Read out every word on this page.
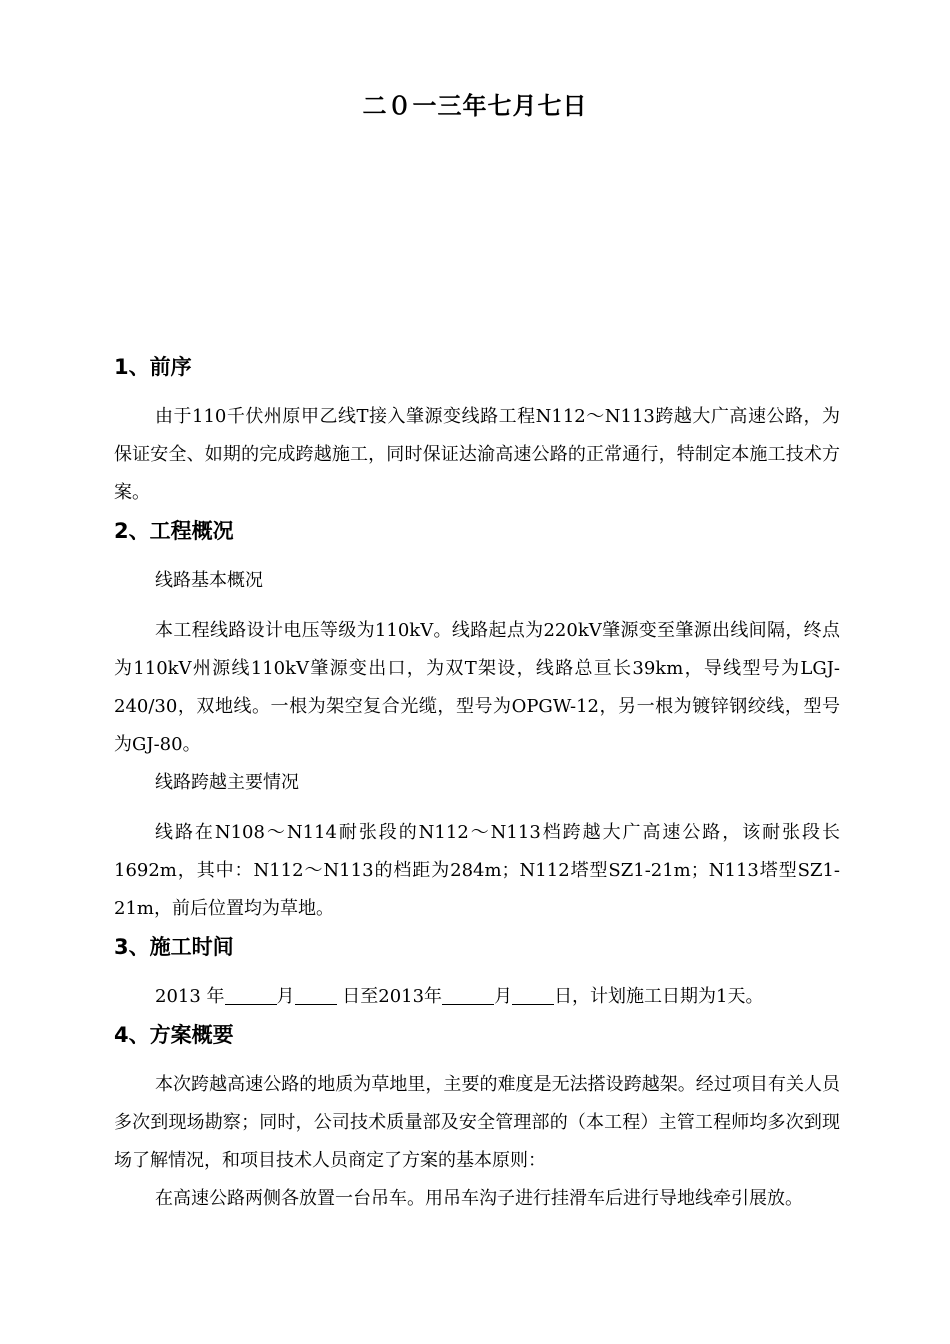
二０一三年七月七日
1、前序

由于110千伏州原甲乙线T接入肇源变线路工程N112～N113跨越大广高速公路，为保证安全、如期的完成跨越施工，同时保证达渝高速公路的正常通行，特制定本施工技术方案。

2、工程概况

线路基本概况

本工程线路设计电压等级为110kV。线路起点为220kV肇源变至肇源出线间隔，终点为110kV州源线110kV肇源变出口，为双T架设，线路总亘长39km，导线型号为LGJ-240/30，双地线。一根为架空复合光缆，型号为OPGW-12，另一根为镀锌钢绞线，型号为GJ-80。

线路跨越主要情况

线路在N108～N114耐张段的N112～N113档跨越大广高速公路，该耐张段长1692m，其中：N112～N113的档距为284m；N112塔型SZ1-21m；N113塔型SZ1-21m，前后位置均为草地。

3、施工时间

2013 年	月 日至2013年	月 日，计划施工日期为1天。

4、方案概要

本次跨越高速公路的地质为草地里，主要的难度是无法搭设跨越架。经过项目有关人员多次到现场勘察；同时，公司技术质量部及安全管理部的（本工程）主管工程师均多次到现场了解情况，和项目技术人员商定了方案的基本原则：

在高速公路两侧各放置一台吊车。用吊车沟子进行挂滑车后进行导地线牵引展放。
